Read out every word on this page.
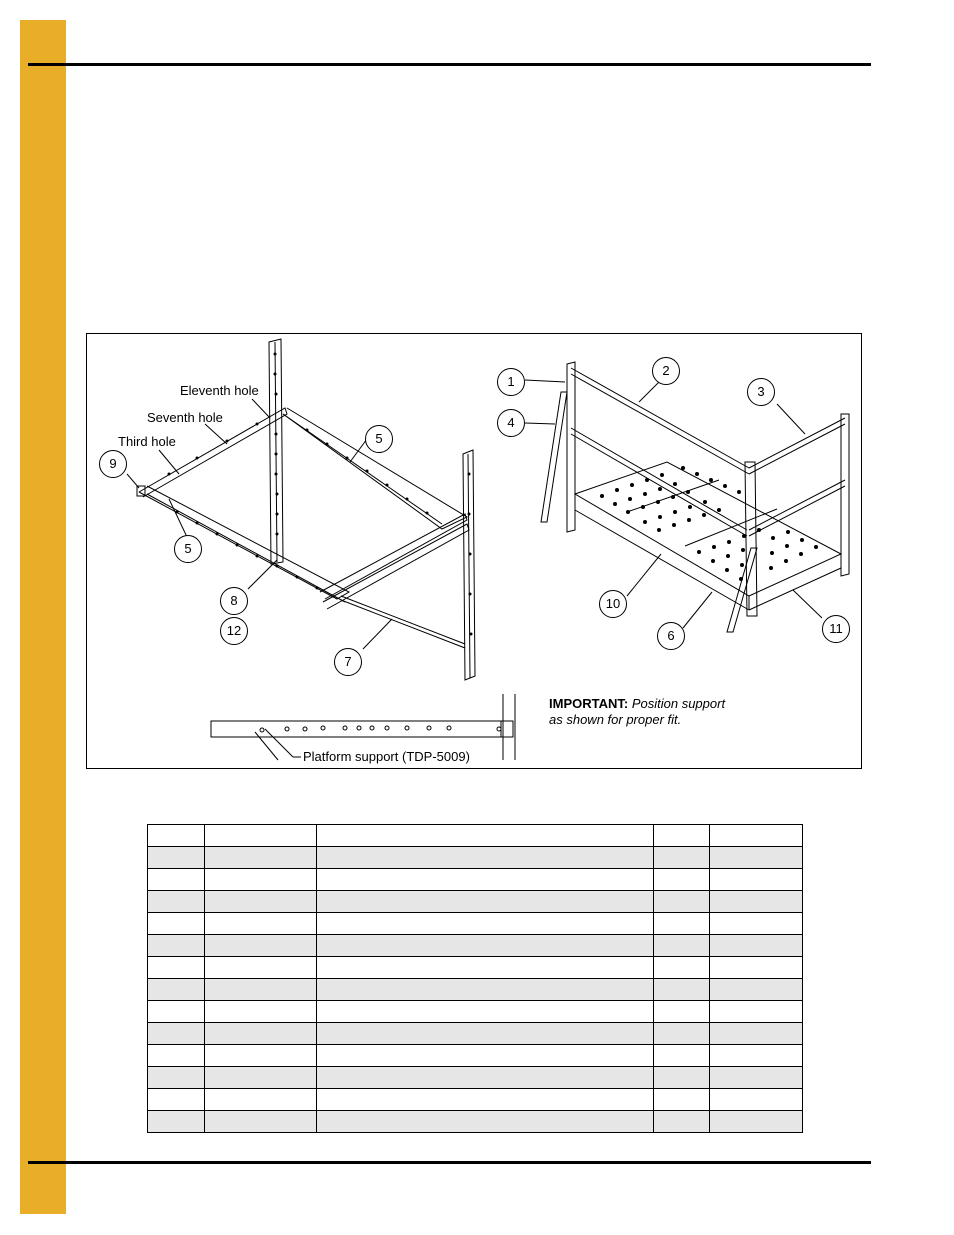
Eleventh hole
Seventh hole
Third hole
Platform support (TDP-5009)
9
5
5
8
12
7
1
4
2
3
10
6	11
IMPORTANT: Position support
as shown for proper fit.
